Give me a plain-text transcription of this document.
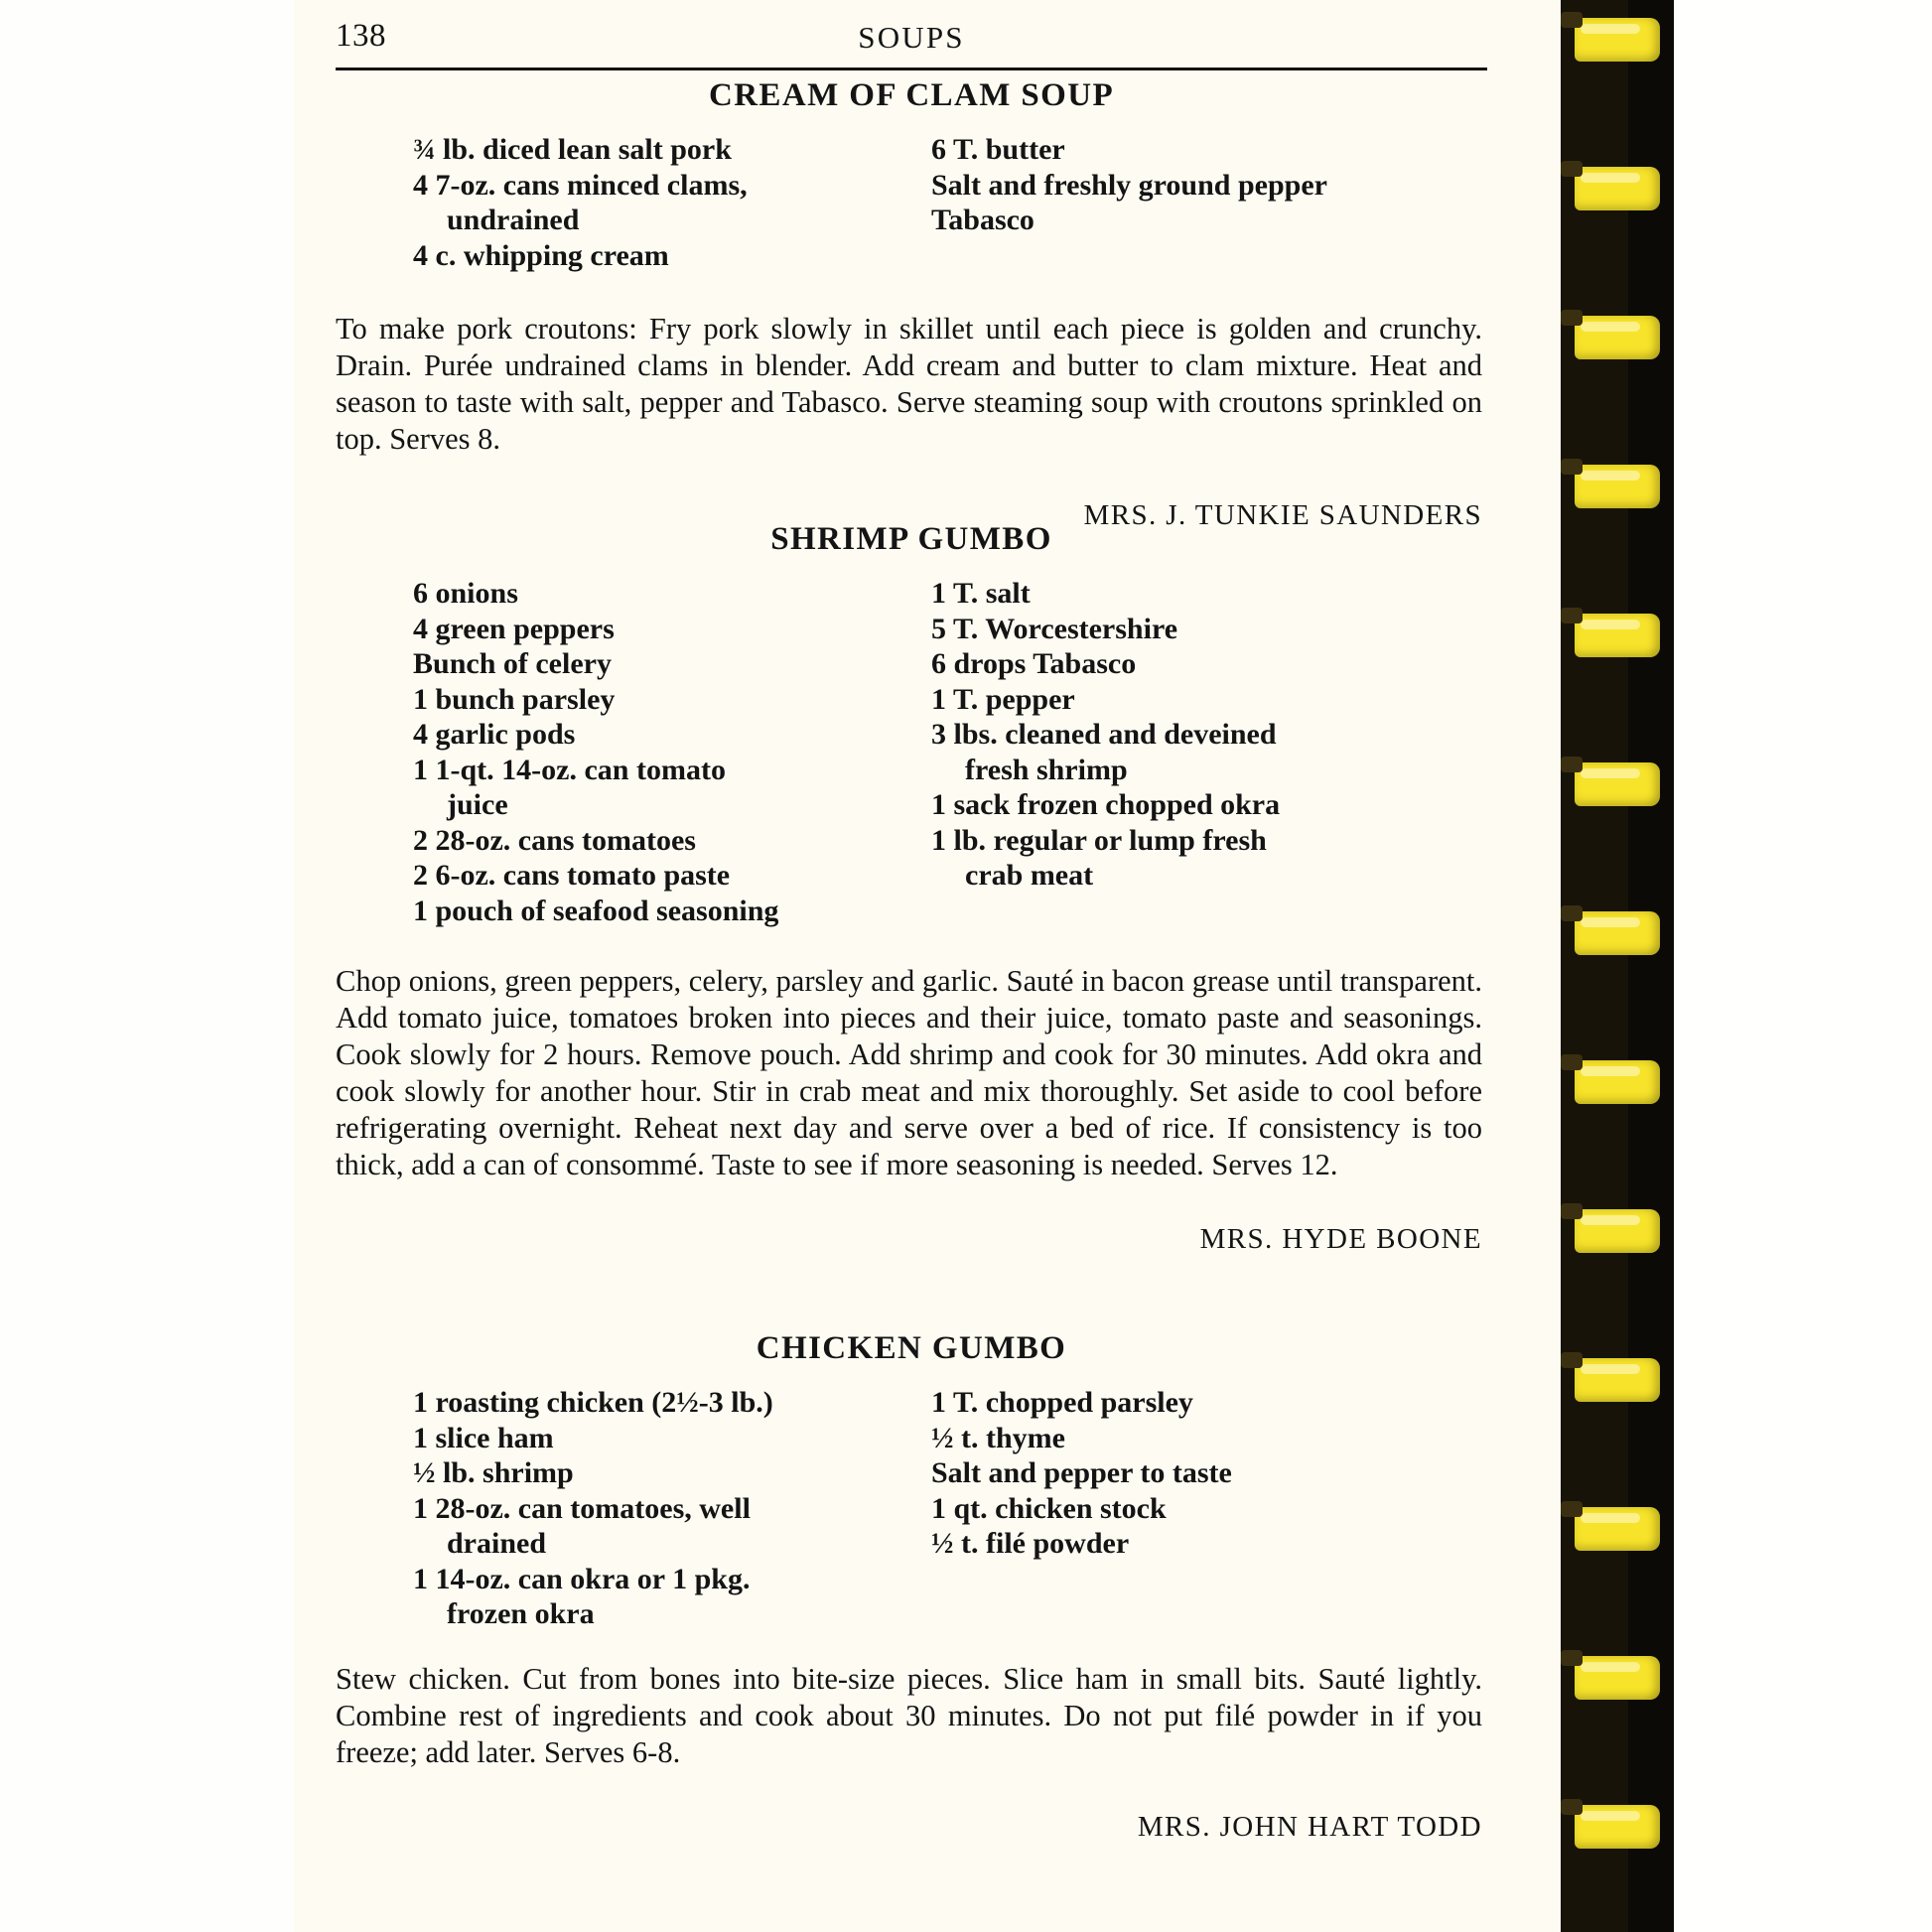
138	SOUPS
CREAM OF CLAM SOUP
¾ lb. diced lean salt pork
4 7-oz. cans minced clams,
undrained
4 c. whipping cream
6 T. butter
Salt and freshly ground pepper
Tabasco
To make pork croutons: Fry pork slowly in skillet until each piece is golden and crunchy. Drain. Purée undrained clams in blender. Add cream and butter to clam mixture. Heat and season to taste with salt, pepper and Tabasco. Serve steaming soup with croutons sprinkled on top. Serves 8.
MRS. J. TUNKIE SAUNDERS
SHRIMP GUMBO
6 onions
4 green peppers
Bunch of celery
1 bunch parsley
4 garlic pods
1 1-qt. 14-oz. can tomato
juice
2 28-oz. cans tomatoes
2 6-oz. cans tomato paste
1 pouch of seafood seasoning
1 T. salt
5 T. Worcestershire
6 drops Tabasco
1 T. pepper
3 lbs. cleaned and deveined
fresh shrimp
1 sack frozen chopped okra
1 lb. regular or lump fresh
crab meat
Chop onions, green peppers, celery, parsley and garlic. Sauté in bacon grease until transparent. Add tomato juice, tomatoes broken into pieces and their juice, tomato paste and seasonings. Cook slowly for 2 hours. Remove pouch. Add shrimp and cook for 30 minutes. Add okra and cook slowly for another hour. Stir in crab meat and mix thoroughly. Set aside to cool before refrigerating overnight. Reheat next day and serve over a bed of rice. If consistency is too thick, add a can of consommé. Taste to see if more seasoning is needed. Serves 12.
MRS. HYDE BOONE
CHICKEN GUMBO
1 roasting chicken (2½-3 lb.)
1 slice ham
½ lb. shrimp
1 28-oz. can tomatoes, well
drained
1 14-oz. can okra or 1 pkg.
frozen okra
1 T. chopped parsley
½ t. thyme
Salt and pepper to taste
1 qt. chicken stock
½ t. filé powder
Stew chicken. Cut from bones into bite-size pieces. Slice ham in small bits. Sauté lightly. Combine rest of ingredients and cook about 30 minutes. Do not put filé powder in if you freeze; add later. Serves 6-8.
MRS. JOHN HART TODD
